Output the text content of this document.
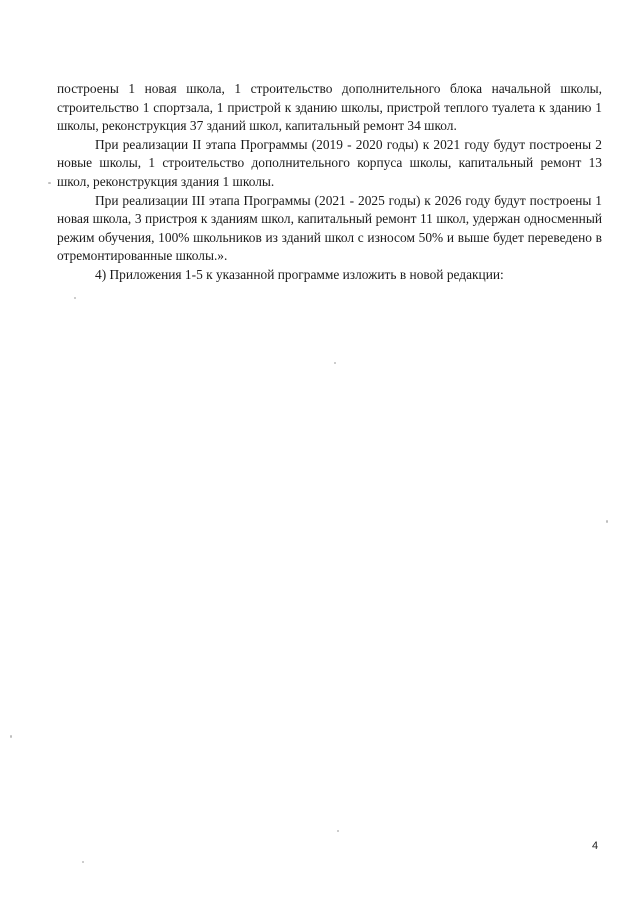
построены 1 новая школа, 1 строительство дополнительного блока начальной школы, строительство 1 спортзала, 1 пристрой к зданию школы, пристрой теплого туалета к зданию 1 школы, реконструкция 37 зданий школ, капитальный ремонт 34 школ.

При реализации II этапа Программы (2019 - 2020 годы) к 2021 году будут построены 2 новые школы, 1 строительство дополнительного корпуса школы, капитальный ремонт 13 школ, реконструкция здания 1 школы.

При реализации III этапа Программы (2021 - 2025 годы) к 2026 году будут построены 1 новая школа, 3 пристроя к зданиям школ, капитальный ремонт 11 школ, удержан односменный режим обучения, 100% школьников из зданий школ с износом 50% и выше будет переведено в отремонтированные школы.».

4) Приложения 1-5 к указанной программе изложить в новой редакции:

4
